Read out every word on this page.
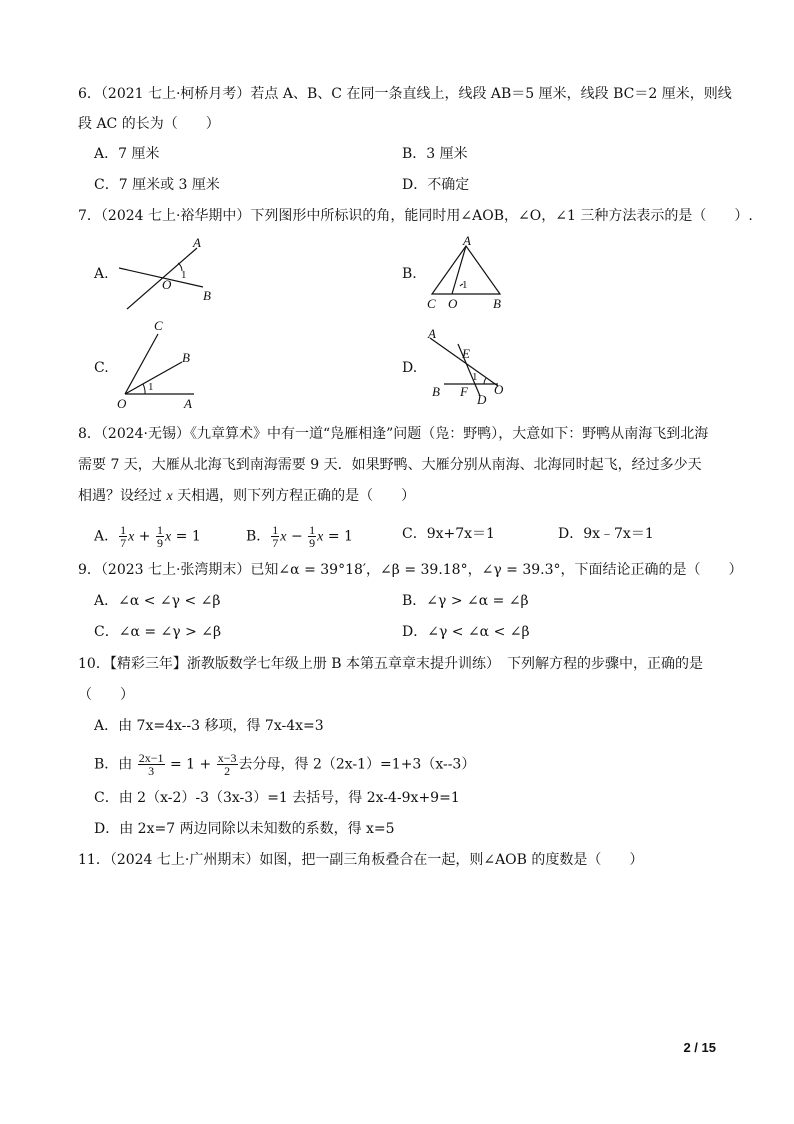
6．（2021 七上·柯桥月考）若点 A、B、C 在同一条直线上，线段 AB＝5 厘米，线段 BC＝2 厘米，则线
段 AC 的长为（　　）
A．7 厘米	B．3 厘米
C．7 厘米或 3 厘米	D．不确定
7．（2024 七上·裕华期中）下列图形中所标识的角，能同时用∠AOB，∠O，∠1 三种方法表示的是（　　）.
A.
A
O
B
1	B.
A
C O	B
1
C.
C
B
O	A
1
D.
A
E
B F
D
O
1
8．（2024·无锡）《九章算术》中有一道“凫雁相逢”问题（凫：野鸭），大意如下：野鸭从南海飞到北海
需要 7 天，大雁从北海飞到南海需要 9 天．如果野鸭、大雁分别从南海、北海同时起飞，经过多少天
相遇？设经过 x 天相遇，则下列方程正确的是（　　）
A． $\frac{1}{7}$ $x + \frac{1}{9}$ x = 1	B． $\frac{1}{7}$ $x - \frac{1}{9}$ x = 1	C．9x+7x＝1	D．9x﹣7x＝1
9．（2023 七上·张湾期末）已知∠α = 39°18′，∠β = 39.18°，∠γ = 39.3°，下面结论正确的是（　　）
A．∠α < ∠γ < ∠β	B．∠γ > ∠α = ∠β
C．∠α = ∠γ > ∠β	D．∠γ < ∠α < ∠β
10．【精彩三年】浙教版数学七年级上册 B 本第五章章末提升训练）　下列解方程的步骤中，正确的是
（　　）
A．由 7x=4x--3 移项，得 7x-4x=3
B．由 $\frac{2x-1}{3} = 1 + \frac{x-3}{2}$ 去分母，得 2（2x-1）=1+3（x--3）
C．由 2（x-2）-3（3x-3）=1 去括号，得 2x-4-9x+9=1
D．由 2x=7 两边同除以未知数的系数，得 x=5
11．（2024 七上·广州期末）如图，把一副三角板叠合在一起，则∠AOB 的度数是（　　）
2 / 15
